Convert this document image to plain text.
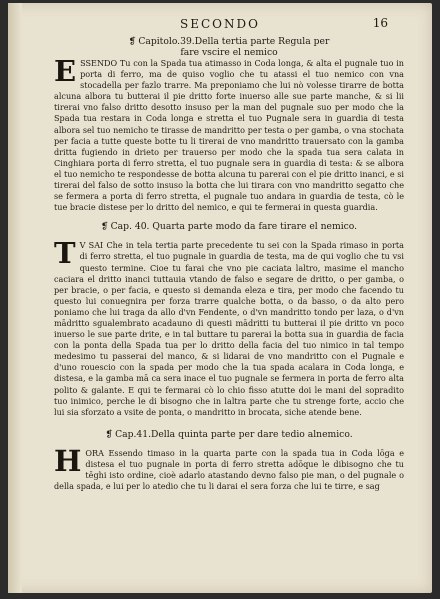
SECONDO	16

❡ Capitolo.39.Della tertia parte Regula per
fare vscire el nemico

ESSENDO Tu con la Spada tua atimasso in Coda longa, & alta el pugnale tuo in porta di ferro, ma de quiso voglio che tu atassi el tuo nemico con vna stocadella per fazlo trarre. Ma preponiamo che lui nò volesse tirarre de botta alcuna albora tu butterai il pie dritto forte inuerso alle sue parte manche, & si lii tirerai vno falso dritto desotto insuso per la man del pugnale suo per modo che la Spada tua restara in Coda longa e stretta el tuo Pugnale sera in guardia di testa albora sel tuo nemicho te tirasse de mandritto per testa o per gamba, o vna stochata per facia a tutte queste botte tu li tirerai de vno mandritto trauersato con la gamba dritta fugiendo in drieto per trauerso per modo che la spada tua sera calata in Cinghiara porta di ferro stretta, el tuo pugnale sera in guardia di testa: & se albora el tuo nemicho te respondesse de botta alcuna tu parerai con el pie dritto inanci, e si tirerai del falso de sotto insuso la botta che lui tirara con vno mandritto segatto che se fermera a porta di ferro stretta, el pugnale tuo andara in guardia de testa, cò le tue bracie distese per lo dritto del nemico, e qui te fermerai in questa guardia.

❡ Cap. 40. Quarta parte modo da fare tirare el nemico.

T V SAI Che in tela tertia parte precedente tu sei con la Spada rimaso in porta di ferro stretta, el tuo pugnale in guardia de testa, ma de qui voglio che tu vsi questo termine. Cioe tu farai che vno pie caciata laltro, masime el mancho caciara el dritto inanci tuttauia vtando de falso e segare de dritto, o per gamba, o per bracie, o per facia, e questo si demanda eleza e tira, per modo che facendo tu questo lui conuegnira per forza trarre qualche botta, o da basso, o da alto pero poniamo che lui traga da allo d'vn Fendente, o d'vn mandritto tondo per laza, o d'vn mādritto sgualembrato acadauno di questi mādritti tu butterai il pie dritto vn poco inuerso le sue parte drite, e in tal buttare tu parerai la botta sua in guardia de facia con la ponta della Spada tua per lo dritto della facia del tuo nimico in tal tempo medesimo tu passerai del manco, & si lidarai de vno mandritto con el Pugnale e d'uno rouescio con la spada per modo che la tua spada acalara in Coda longa, e distesa, e la gamba mā ca sera inace el tuo pugnale se fermera in porta de ferro alta polito & galante. E qui te fermarai cò lo chio fisso atutte doi le mani del sopradito tuo inimico, perche le di bisogno che in laltra parte che tu strenge forte, accio che lui sia sforzato a vsite de ponta, o mandritto in brocata, siche atende bene.

❡ Cap.41.Della quinta parte per dare tedio alnemico.

HORA Essendo timaso in la quarta parte con la spada tua in Coda lōga e distesa el tuo pugnale in porta di ferro stretta adōque le dibisogno che tu tēghi isto ordine, cioè adarlo atastando devno falso pie man, o del pugnale o della spada, e lui per lo atedio che tu li darai el sera forza che lui te tirre, e sag
